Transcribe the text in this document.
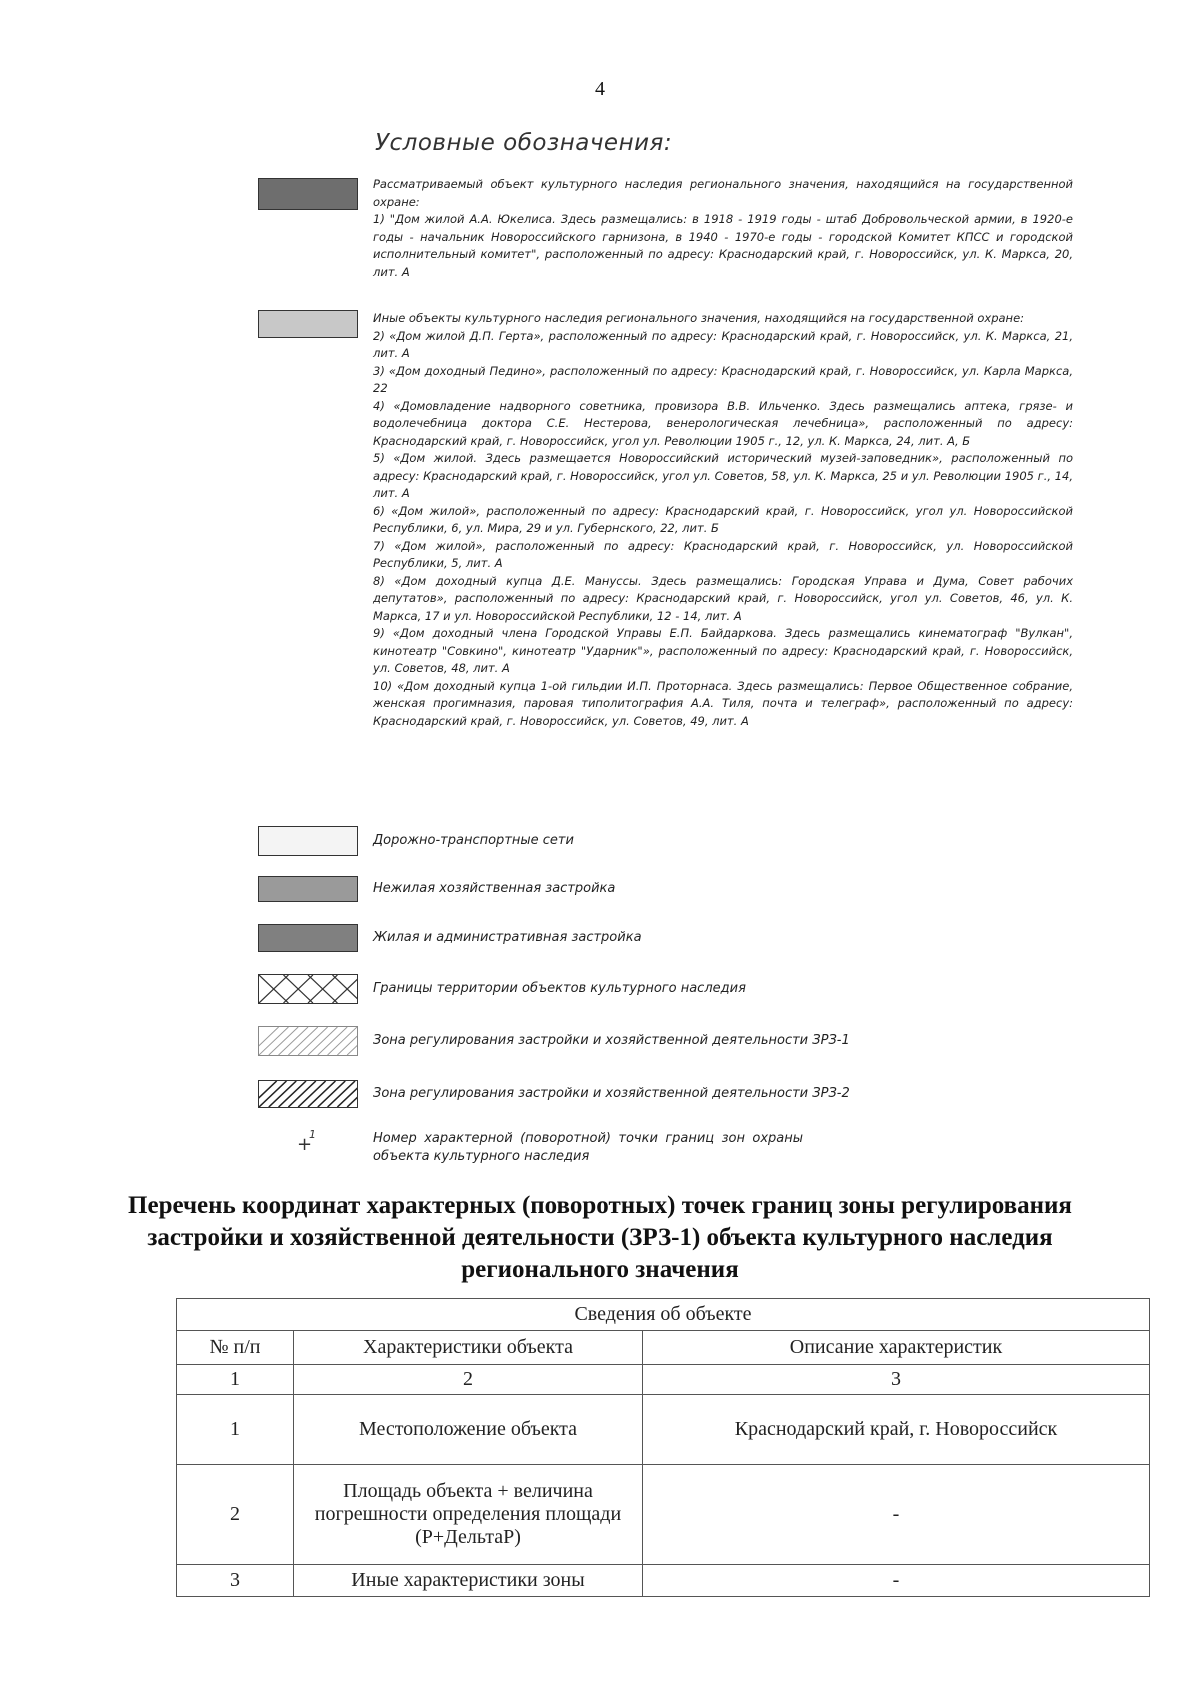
4
Условные обозначения:

Рассматриваемый объект культурного наследия регионального значения, находящийся на государственной охране:

1) "Дом жилой А.А. Юкелиса. Здесь размещались: в 1918 - 1919 годы - штаб Добровольческой армии, в 1920-е годы - начальник Новороссийского гарнизона, в 1940 - 1970-е годы - городской Комитет КПСС и городской исполнительный комитет", расположенный по адресу: Краснодарский край, г. Новороссийск, ул. К. Маркса, 20, лит. А

Иные объекты культурного наследия регионального значения, находящийся на государственной охране:

2) «Дом жилой Д.П. Герта», расположенный по адресу: Краснодарский край, г. Новороссийск, ул. К. Маркса, 21, лит. А

3) «Дом доходный Педино», расположенный по адресу: Краснодарский край, г. Новороссийск, ул. Карла Маркса, 22

4) «Домовладение надворного советника, провизора В.В. Ильченко. Здесь размещались аптека, грязе- и водолечебница доктора С.Е. Нестерова, венерологическая лечебница», расположенный по адресу: Краснодарский край, г. Новороссийск, угол ул. Революции 1905 г., 12, ул. К. Маркса, 24, лит. А, Б

5) «Дом жилой. Здесь размещается Новороссийский исторический музей-заповедник», расположенный по адресу: Краснодарский край, г. Новороссийск, угол ул. Советов, 58, ул. К. Маркса, 25 и ул. Революции 1905 г., 14, лит. А

6) «Дом жилой», расположенный по адресу: Краснодарский край, г. Новороссийск, угол ул. Новороссийской Республики, 6, ул. Мира, 29 и ул. Губернского, 22, лит. Б

7) «Дом жилой», расположенный по адресу: Краснодарский край, г. Новороссийск, ул. Новороссийской Республики, 5, лит. А

8) «Дом доходный купца Д.Е. Мануссы. Здесь размещались: Городская Управа и Дума, Совет рабочих депутатов», расположенный по адресу: Краснодарский край, г. Новороссийск, угол ул. Советов, 46, ул. К. Маркса, 17 и ул. Новороссийской Республики, 12 - 14, лит. А

9) «Дом доходный члена Городской Управы Е.П. Байдаркова. Здесь размещались кинематограф "Вулкан", кинотеатр "Совкино", кинотеатр "Ударник"», расположенный по адресу: Краснодарский край, г. Новороссийск, ул. Советов, 48, лит. А

10) «Дом доходный купца 1-ой гильдии И.П. Проторнаса. Здесь размещались: Первое Общественное собрание, женская прогимназия, паровая типолитография А.А. Тиля, почта и телеграф», расположенный по адресу: Краснодарский край, г. Новороссийск, ул. Советов, 49, лит. А

Дорожно-транспортные сети
Нежилая хозяйственная застройка
Жилая и административная застройка
Границы территории объектов культурного наследия
Зона регулирования застройки и хозяйственной деятельности ЗРЗ-1
Зона регулирования застройки и хозяйственной деятельности ЗРЗ-2
+
1	Номер характерной (поворотной) точки границ зон охраны объекта культурного наследия
Перечень координат характерных (поворотных) точек границ зоны регулирования застройки и хозяйственной деятельности (ЗРЗ-1) объекта культурного наследия регионального значения
Сведения об объекте		
№ п/п	Характеристики объекта	Описание характеристик
1	2	3
1	Местоположение объекта	Краснодарский край, г. Новороссийск
2	Площадь объекта + величина погрешности определения площади (Р+ДельтаР)	-
3	Иные характеристики зоны	-
